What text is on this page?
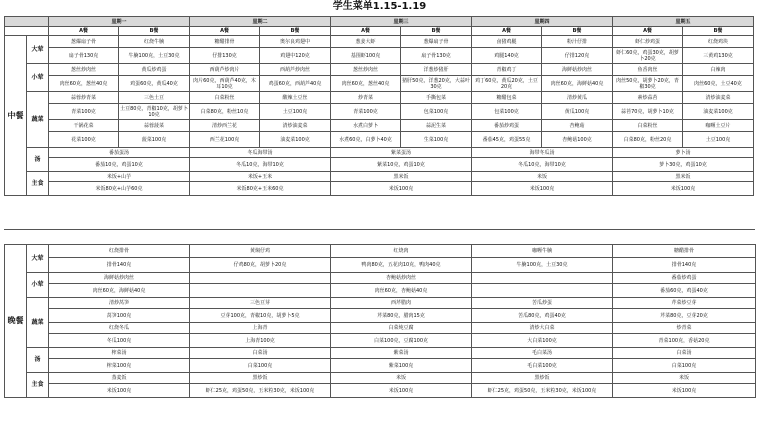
学生菜单1.15-1.19
		星期一		星期二		星期三		星期四		星期五	
		A餐	B餐	A餐	B餐	A餐	B餐	A餐	B餐	A餐	B餐
中餐	大荤	葱爆扇子骨	红烧牛腩	糖醋排骨	奥尔良鸡翅中	葱姜大虾	葱爆扇子骨	卤猪鸡腿	粉汁仔排	虾仁炒鸡蛋	红烧鸡块
		扇子骨130克	牛腩100克，土豆30克	仔排130克	鸡翅中120克	基围虾100克	扇子骨130克	鸡腿140克	仔排120克	虾仁60克，鸡蛋30克，胡萝卜20克	三黄鸡130克
	小荤	葱丝炒肉丝	黄瓜炒鸡蛋	西葫芦炒肉片	西葫芦炒肉丝	葱丝炒肉丝	洋葱炒猪肝	青椒鸡丁	海鲜菇炒肉丝	鱼香肉丝	白辣肉
		肉丝60克，葱丝40克	鸡蛋60克，黄瓜40克	肉片60克，西葫芦40克，木耳10克	鸡蛋60克，西葫芦40克	肉丝60克，葱丝40克	猪肝50克，洋葱20克，大蒜叶30克	鸡丁60克，黄瓜20克，土豆20克	肉丝60克，海鲜菇40克	肉丝50克，胡萝卜20克，青椒30克	肉丝60克，土豆40克
	蔬菜	蒜蓉炒青菜	三色土豆	白菜粉丝	酸辣土豆丝	炒青菜	手撕包菜	糖醋包菜	清炒黄瓜	素炒蒜苔	清炒油麦菜
		青菜100克	土豆80克，青椒10克，胡萝卜10克	白菜80克，粉丝10克	土豆100克	青菜100克	包菜100克	包菜100克	黄瓜100克	蒜苔70克，胡萝卜10克	油麦菜100克
		干锅花菜	蒜蓉菠菜	清炒西兰花	清炒油麦菜	水煮白萝卜	蒜泥生菜	番茄炒鸡蛋	杏鲍菇	白菜粉丝	咖喱土豆片
		花菜100克	菠菜100克	西兰花100克	油麦菜100克	水煮60克，白萝卜40克	生菜100克	番茄45克，鸡蛋55克	杏鲍菇100克	白菜80克，粉丝20克	土豆100克
	汤	番茄蛋汤		冬瓜海带汤		紫菜蛋汤		海带冬瓜汤		萝卜汤	
		番茄10克，鸡蛋10克		冬瓜10克，海带10克		紫菜10克，鸡蛋10克		冬瓜10克，海带10克		萝卜30克，鸡蛋10克	
	主食	米饭+山芋		米饭+玉米		黑米饭		米饭		黑米饭	
		米饭80克+山芋60克		米饭80克+玉米60克		米饭100克		米饭100克		米饭100克	
晚餐	大荤	红烧排骨	黄焖仔鸡	红烧肉	咖喱牛腩	糖醋排骨
		排骨140克	仔鸡80克，胡萝卜20克	鸭肉80克，五花肉10克，鸭肉40克	牛腩100克，土豆30克	排骨140克
	小荤	海鲜菇炒肉丝		杏鲍菇炒肉丝		番茄炒鸡蛋
		肉丝60克，海鲜菇40克		肉丝60克，杏鲍菇40克		番茄60克，鸡蛋40克
	蔬菜	清炒莴笋	三色豆芽	西芹腊肉	苦瓜炒蛋	芹菜炒豆芽
		莴笋100克	豆芽100克，青椒10克，胡萝卜5克	芹菜80克，腊肉15克	苦瓜80克，鸡蛋40克	芹菜80克，豆芽20克
		红烧冬瓜	上海青	白菜炖豆腐	清炒大白菜	炒青菜
		冬瓜100克	上海青100克	白菜100克，豆腐100克	大白菜100克	青菜100克，香菇20克
	汤	榨菜汤	白菜汤	紫菜汤	毛白菜汤	白菜汤
		榨菜100克	白菜100克	紫菜100克	毛白菜100克	白菜100克
	主食	蒸麦饭	黑炒饭	米饭	黑炒饭	米饭
		米饭100克	虾仁25克，鸡蛋50克，玉米粒30克，米饭100克	米饭100克	虾仁25克，鸡蛋50克，玉米粒30克，米饭100克	米饭100克
